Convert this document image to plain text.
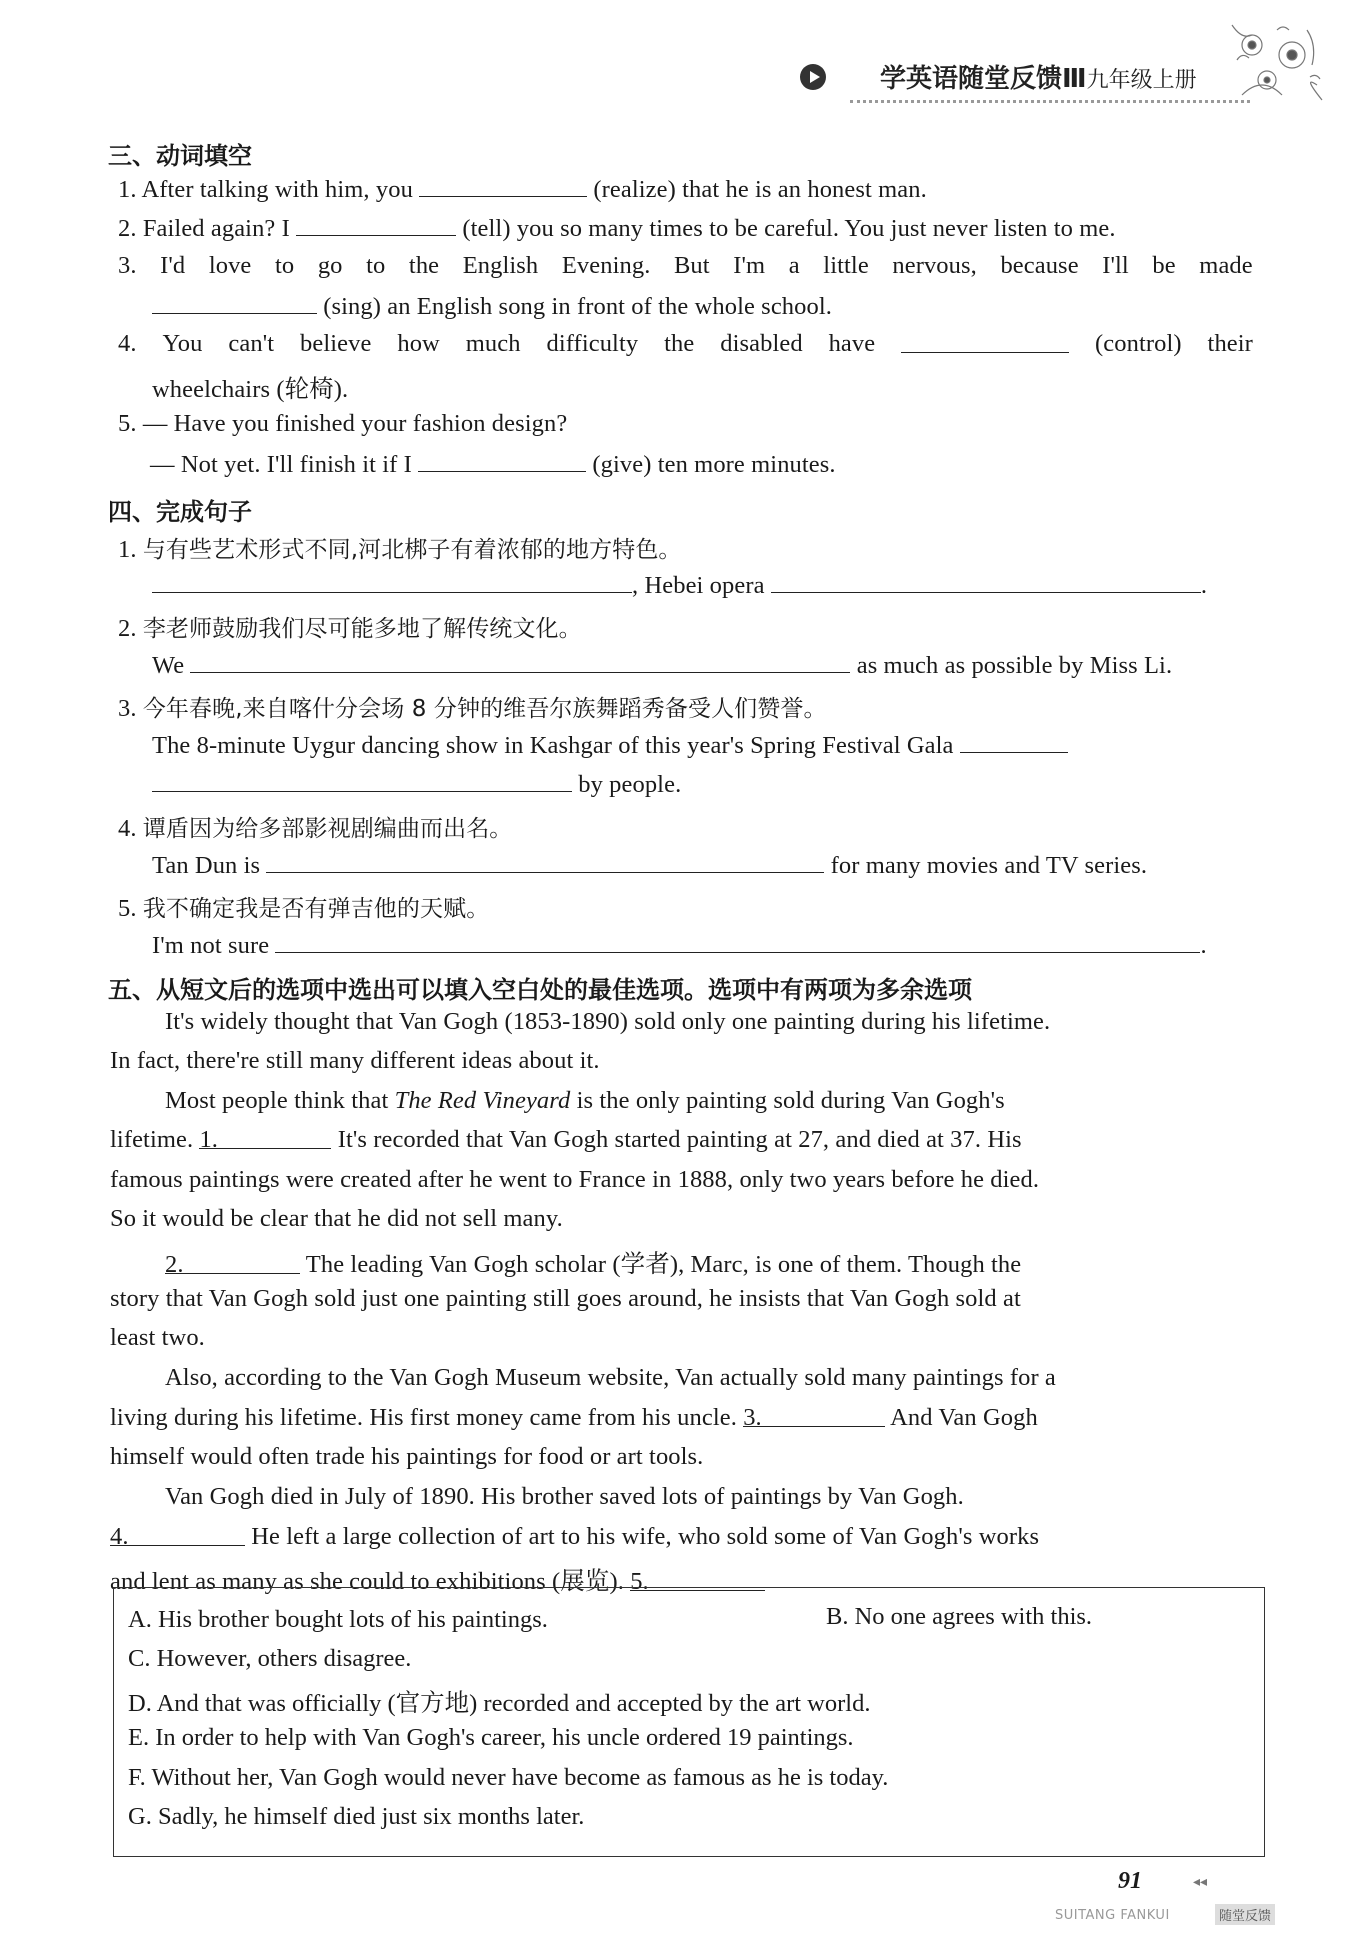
学英语随堂反馈Ⅲ九年级上册
三、动词填空
1. After talking with him, you	(realize) that he is an honest man.
2. Failed again? I	(tell) you so many times to be careful. You just never listen to me.
3. I'd love to go to the English Evening. But I'm a little nervous, because I'll be made
(sing) an English song in front of the whole school.
4. You can't believe how much difficulty the disabled have	(control) their
wheelchairs (轮椅).
5. — Have you finished your fashion design?
— Not yet. I'll finish it if I	(give) ten more minutes.
四、完成句子
1. 与有些艺术形式不同,河北梆子有着浓郁的地方特色。
, Hebei opera	.
2. 李老师鼓励我们尽可能多地了解传统文化。
We	as much as possible by Miss Li.
3. 今年春晚,来自喀什分会场 8 分钟的维吾尔族舞蹈秀备受人们赞誉。
The 8-minute Uygur dancing show in Kashgar of this year's Spring Festival Gala
by people.
4. 谭盾因为给多部影视剧编曲而出名。
Tan Dun is	for many movies and TV series.
5. 我不确定我是否有弹吉他的天赋。
I'm not sure	.
五、从短文后的选项中选出可以填入空白处的最佳选项。选项中有两项为多余选项
It's widely thought that Van Gogh (1853-1890) sold only one painting during his lifetime.
In fact, there're still many different ideas about it.
Most people think that The Red Vineyard is the only painting sold during Van Gogh's
lifetime. 1.	It's recorded that Van Gogh started painting at 27, and died at 37. His
famous paintings were created after he went to France in 1888, only two years before he died.
So it would be clear that he did not sell many.
2.	The leading Van Gogh scholar (学者), Marc, is one of them. Though the
story that Van Gogh sold just one painting still goes around, he insists that Van Gogh sold at
least two.
Also, according to the Van Gogh Museum website, Van actually sold many paintings for a
living during his lifetime. His first money came from his uncle. 3.	And Van Gogh
himself would often trade his paintings for food or art tools.
Van Gogh died in July of 1890. His brother saved lots of paintings by Van Gogh.
4.	He left a large collection of art to his wife, who sold some of Van Gogh's works
and lent as many as she could to exhibitions (展览). 5.
A. His brother bought lots of his paintings.	B. No one agrees with this.
C. However, others disagree.
D. And that was officially (官方地) recorded and accepted by the art world.
E. In order to help with Van Gogh's career, his uncle ordered 19 paintings.
F. Without her, Van Gogh would never have become as famous as he is today.
G. Sadly, he himself died just six months later.
91	◂◂
SUITANG FANKUI	随堂反馈
